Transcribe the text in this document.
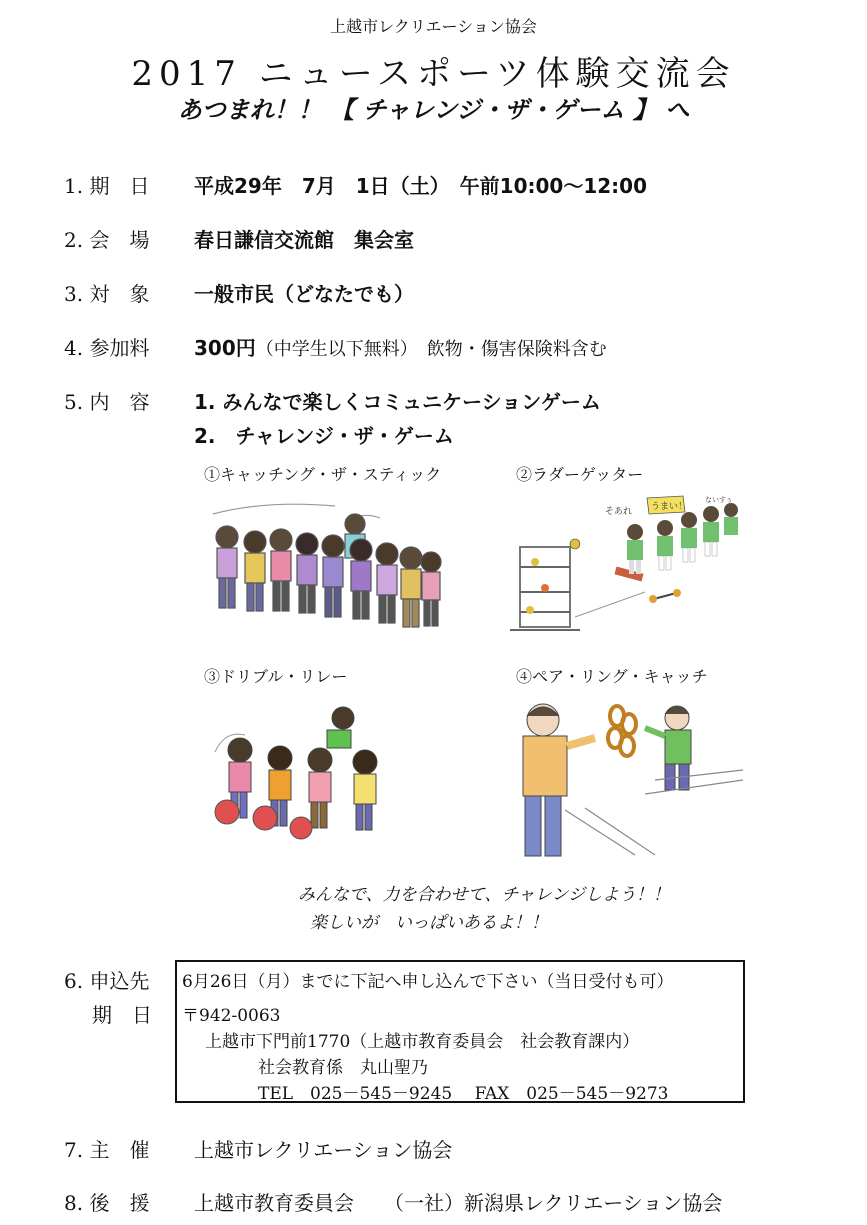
上越市レクリエーション協会
2017 ニュースポーツ体験交流会
あつまれ！！ 【 チャレンジ・ザ・ゲーム 】 へ
1. 期　日 平成29年　7月　1日（土）　午前10:00～12:00
2. 会　場 春日謙信交流館　集会室
3. 対　象 一般市民（どなたでも）
4. 参加料 300円（中学生以下無料）　飲物・傷害保険料含む
5. 内　容 1. みんなで楽しくコミュニケーションゲーム
2.　チャレンジ・ザ・ゲーム
①キャッチング・ザ・スティック	②ラダーゲッター
③ドリブル・リレー	④ペア・リング・キャッチ
うまい！
そあれ
ないすぅ
みんなで、力を合わせて、チャレンジしよう！！
楽しいが　いっぱいあるよ！！
6. 申込先
期　日
6月26日（月）までに下記へ申し込んで下さい（当日受付も可）
〒942-0063
上越市下門前1770（上越市教育委員会　社会教育課内）
社会教育係　丸山聖乃
TEL　025－545－9245　 FAX　025－545－9273
7. 主　催 上越市レクリエーション協会
8. 後　援 上越市教育委員会　　（一社）新潟県レクリエーション協会
